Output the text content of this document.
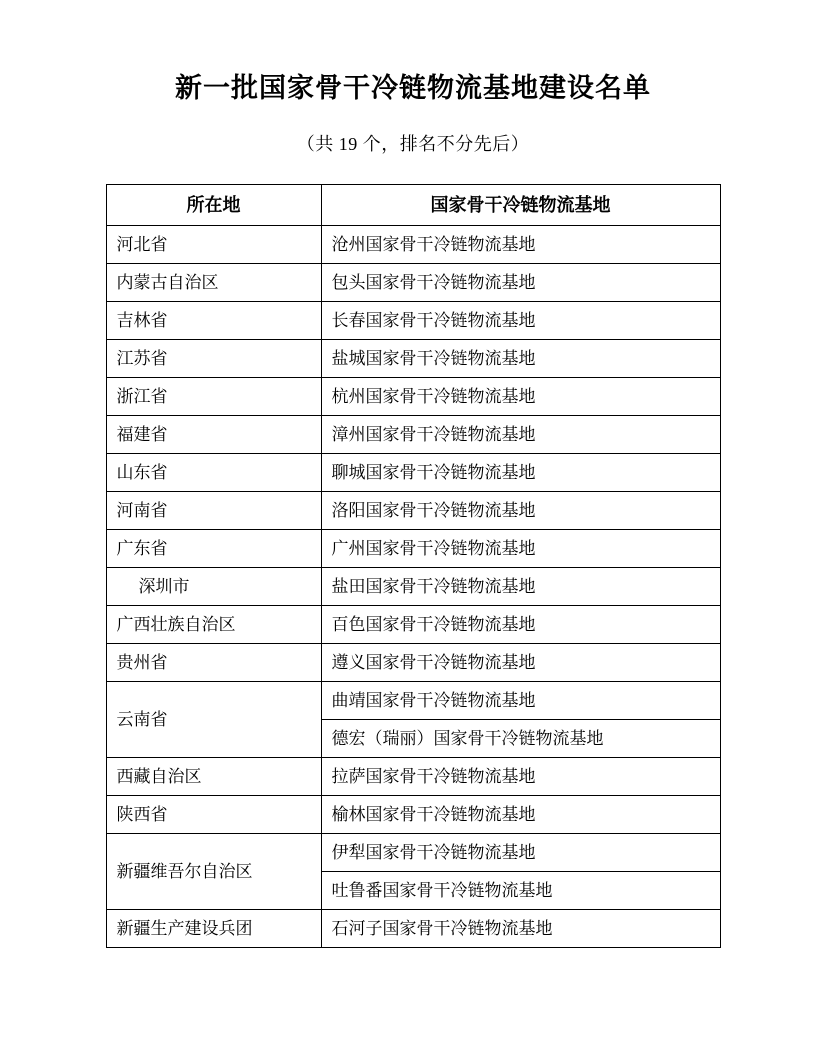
新一批国家骨干冷链物流基地建设名单
（共 19 个，排名不分先后）
所在地	国家骨干冷链物流基地
河北省	沧州国家骨干冷链物流基地
内蒙古自治区	包头国家骨干冷链物流基地
吉林省	长春国家骨干冷链物流基地
江苏省	盐城国家骨干冷链物流基地
浙江省	杭州国家骨干冷链物流基地
福建省	漳州国家骨干冷链物流基地
山东省	聊城国家骨干冷链物流基地
河南省	洛阳国家骨干冷链物流基地
广东省	广州国家骨干冷链物流基地
深圳市	盐田国家骨干冷链物流基地
广西壮族自治区	百色国家骨干冷链物流基地
贵州省	遵义国家骨干冷链物流基地
云南省	曲靖国家骨干冷链物流基地
	德宏（瑞丽）国家骨干冷链物流基地
西藏自治区	拉萨国家骨干冷链物流基地
陕西省	榆林国家骨干冷链物流基地
新疆维吾尔自治区	伊犁国家骨干冷链物流基地
	吐鲁番国家骨干冷链物流基地
新疆生产建设兵团	石河子国家骨干冷链物流基地
